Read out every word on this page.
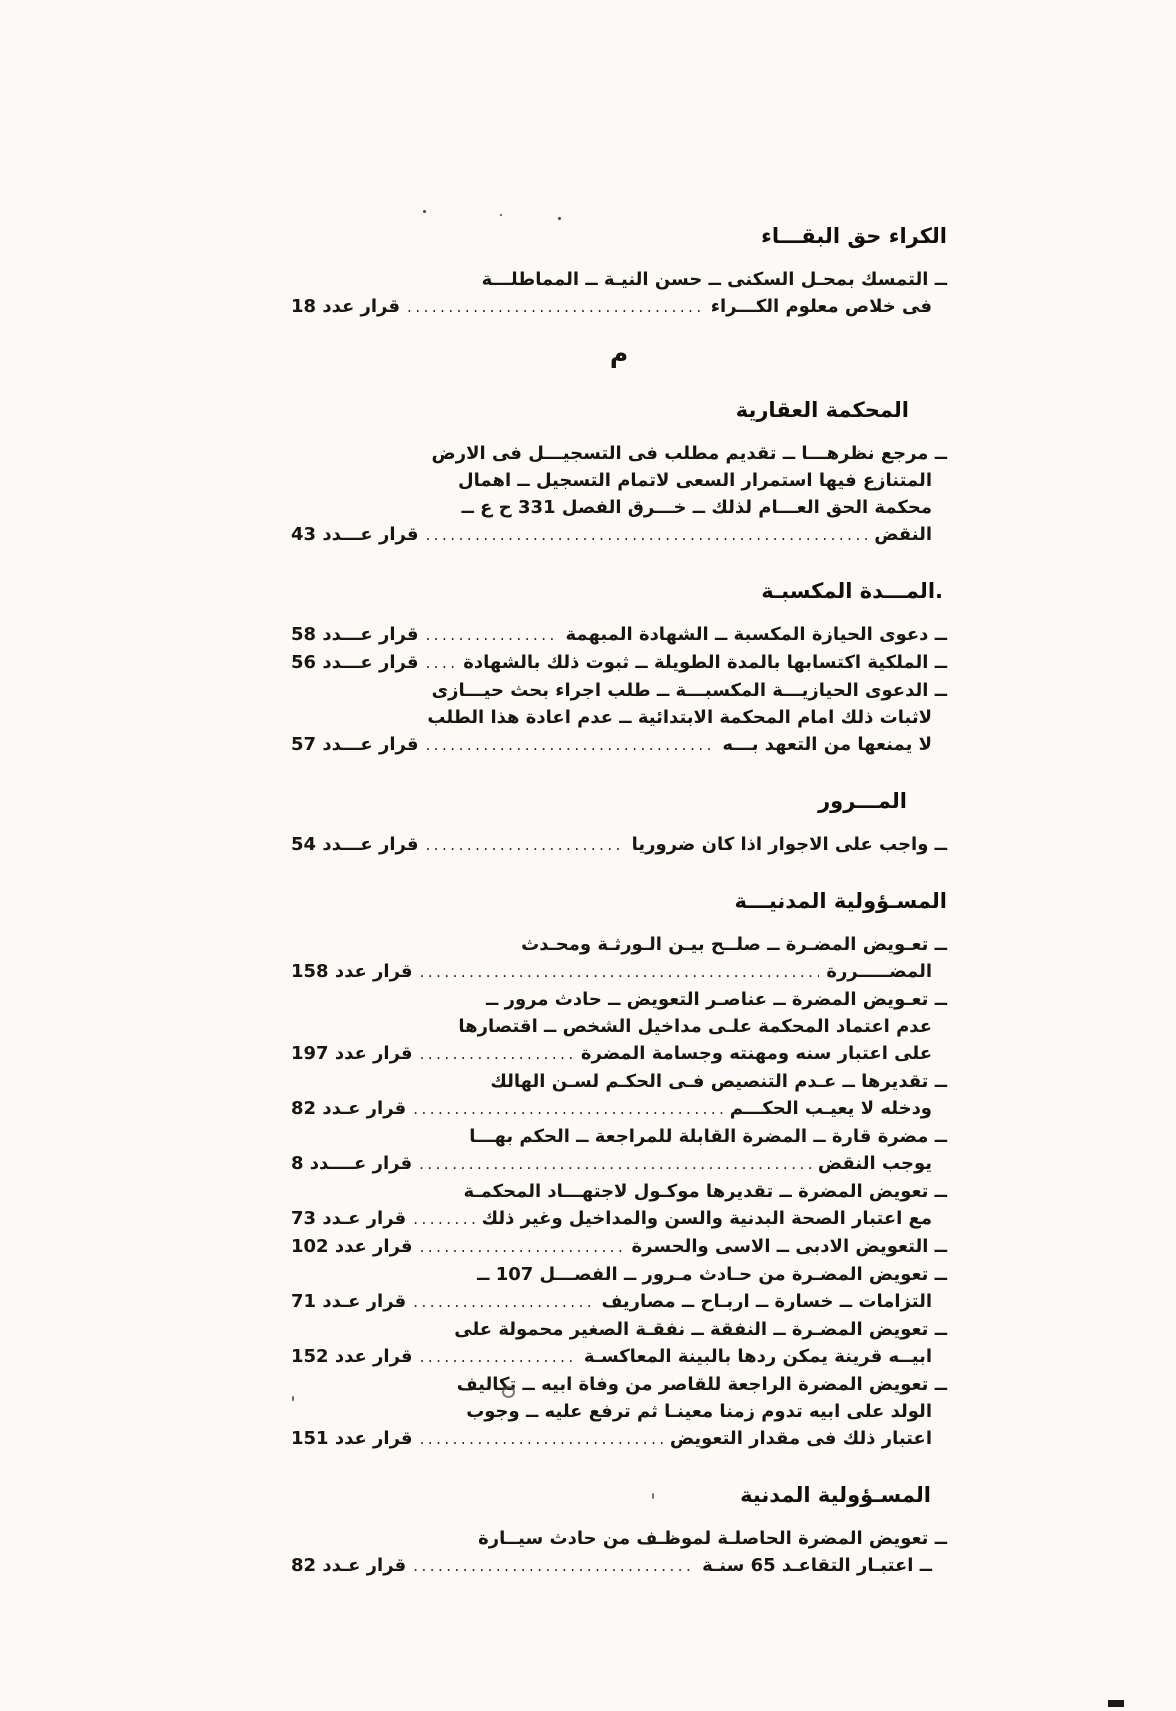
الكراء حق البقـــاء
ــ التمسك بمحـل السكنى ــ حسن النيـة ــ المماطلـــة
فى خلاص معلوم الكـــراء
.....
قرار عدد 18
م
المحكمة العقارية
ــ مرجع نظرهـــا ــ تقديم مطلب فى التسجيـــل فى الارض
المتنازع فيها استمرار السعى لاتمام التسجيل ــ اهمال
محكمة الحق العـــام لذلك ــ خـــرق الفصل 331 ح ع ــ
النقض
.....
قرار عـــدد 43
.المـــدة المكسبـة
ــ دعوى الحيازة المكسبة ــ الشهادة المبهمة
.....
قرار عـــدد 58
ــ الملكية اكتسابها بالمدة الطويلة ــ ثبوت ذلك بالشهادة
.....
قرار عـــدد 56
ــ الدعوى الحيازيـــة المكسبـــة ــ طلب اجراء بحث حيـــازى
لاثبات ذلك امام المحكمة الابتدائية ــ عدم اعادة هذا الطلب
لا يمنعها من التعهد بـــه
.....
قرار عـــدد 57
المـــرور
ــ واجب على الاجوار اذا كان ضروريا
.....
قرار عـــدد 54
المسـؤولية المدنيـــة
ــ تعـويض المضـرة ــ صلــح بيـن الـورثـة ومحـدث
المضـــــررة
.....
قرار عدد 158
ــ تعـويض المضرة ــ عناصـر التعويض ــ حادث مرور ــ
عدم اعتماد المحكمة علـى مداخيل الشخص ــ اقتصارها
على اعتبار سنه ومهنته وجسامة المضرة
.....
قرار عدد 197
ــ تقديرها ــ عـدم التنصيص فـى الحكـم لسـن الهالك
ودخله لا يعيـب الحكـــم
.....
قرار عـدد 82
ــ مضرة قارة ــ المضرة القابلة للمراجعة ــ الحكم بهـــا
يوجب النقض
.....
قرار عــــدد 8
ــ تعويض المضرة ــ تقديرها موكـول لاجتهـــاد المحكمـة
مع اعتبار الصحة البدنية والسن والمداخيل وغير ذلك
.....
قرار عـدد 73
ــ التعويض الادبى ــ الاسى والحسرة
.....
قرار عدد 102
ــ تعويض المضـرة من حـادث مـرور ــ الفصـــل 107 ــ
التزامات ــ خسارة ــ اربـاح ــ مصاريف
.....
قرار عـدد 71
ــ تعويض المضـرة ــ النفقة ــ نفقـة الصغير محمولة على
ابيــه قرينة يمكن ردها بالبينة المعاكسـة
.....
قرار عدد 152
ــ تعويض المضرة الراجعة للقاصر من وفاة ابيه ــ تكاليف
الولد على ابيه تدوم زمنا معينـا ثم ترفع عليه ــ وجوب
اعتبار ذلك فى مقدار التعويض
.....
قرار عدد 151
المسـؤولية المدنية
ــ تعويض المضرة الحاصلـة لموظـف من حادث سيــارة
ــ اعتبـار التقاعـد 65 سنـة
.....
قرار عـدد 82
